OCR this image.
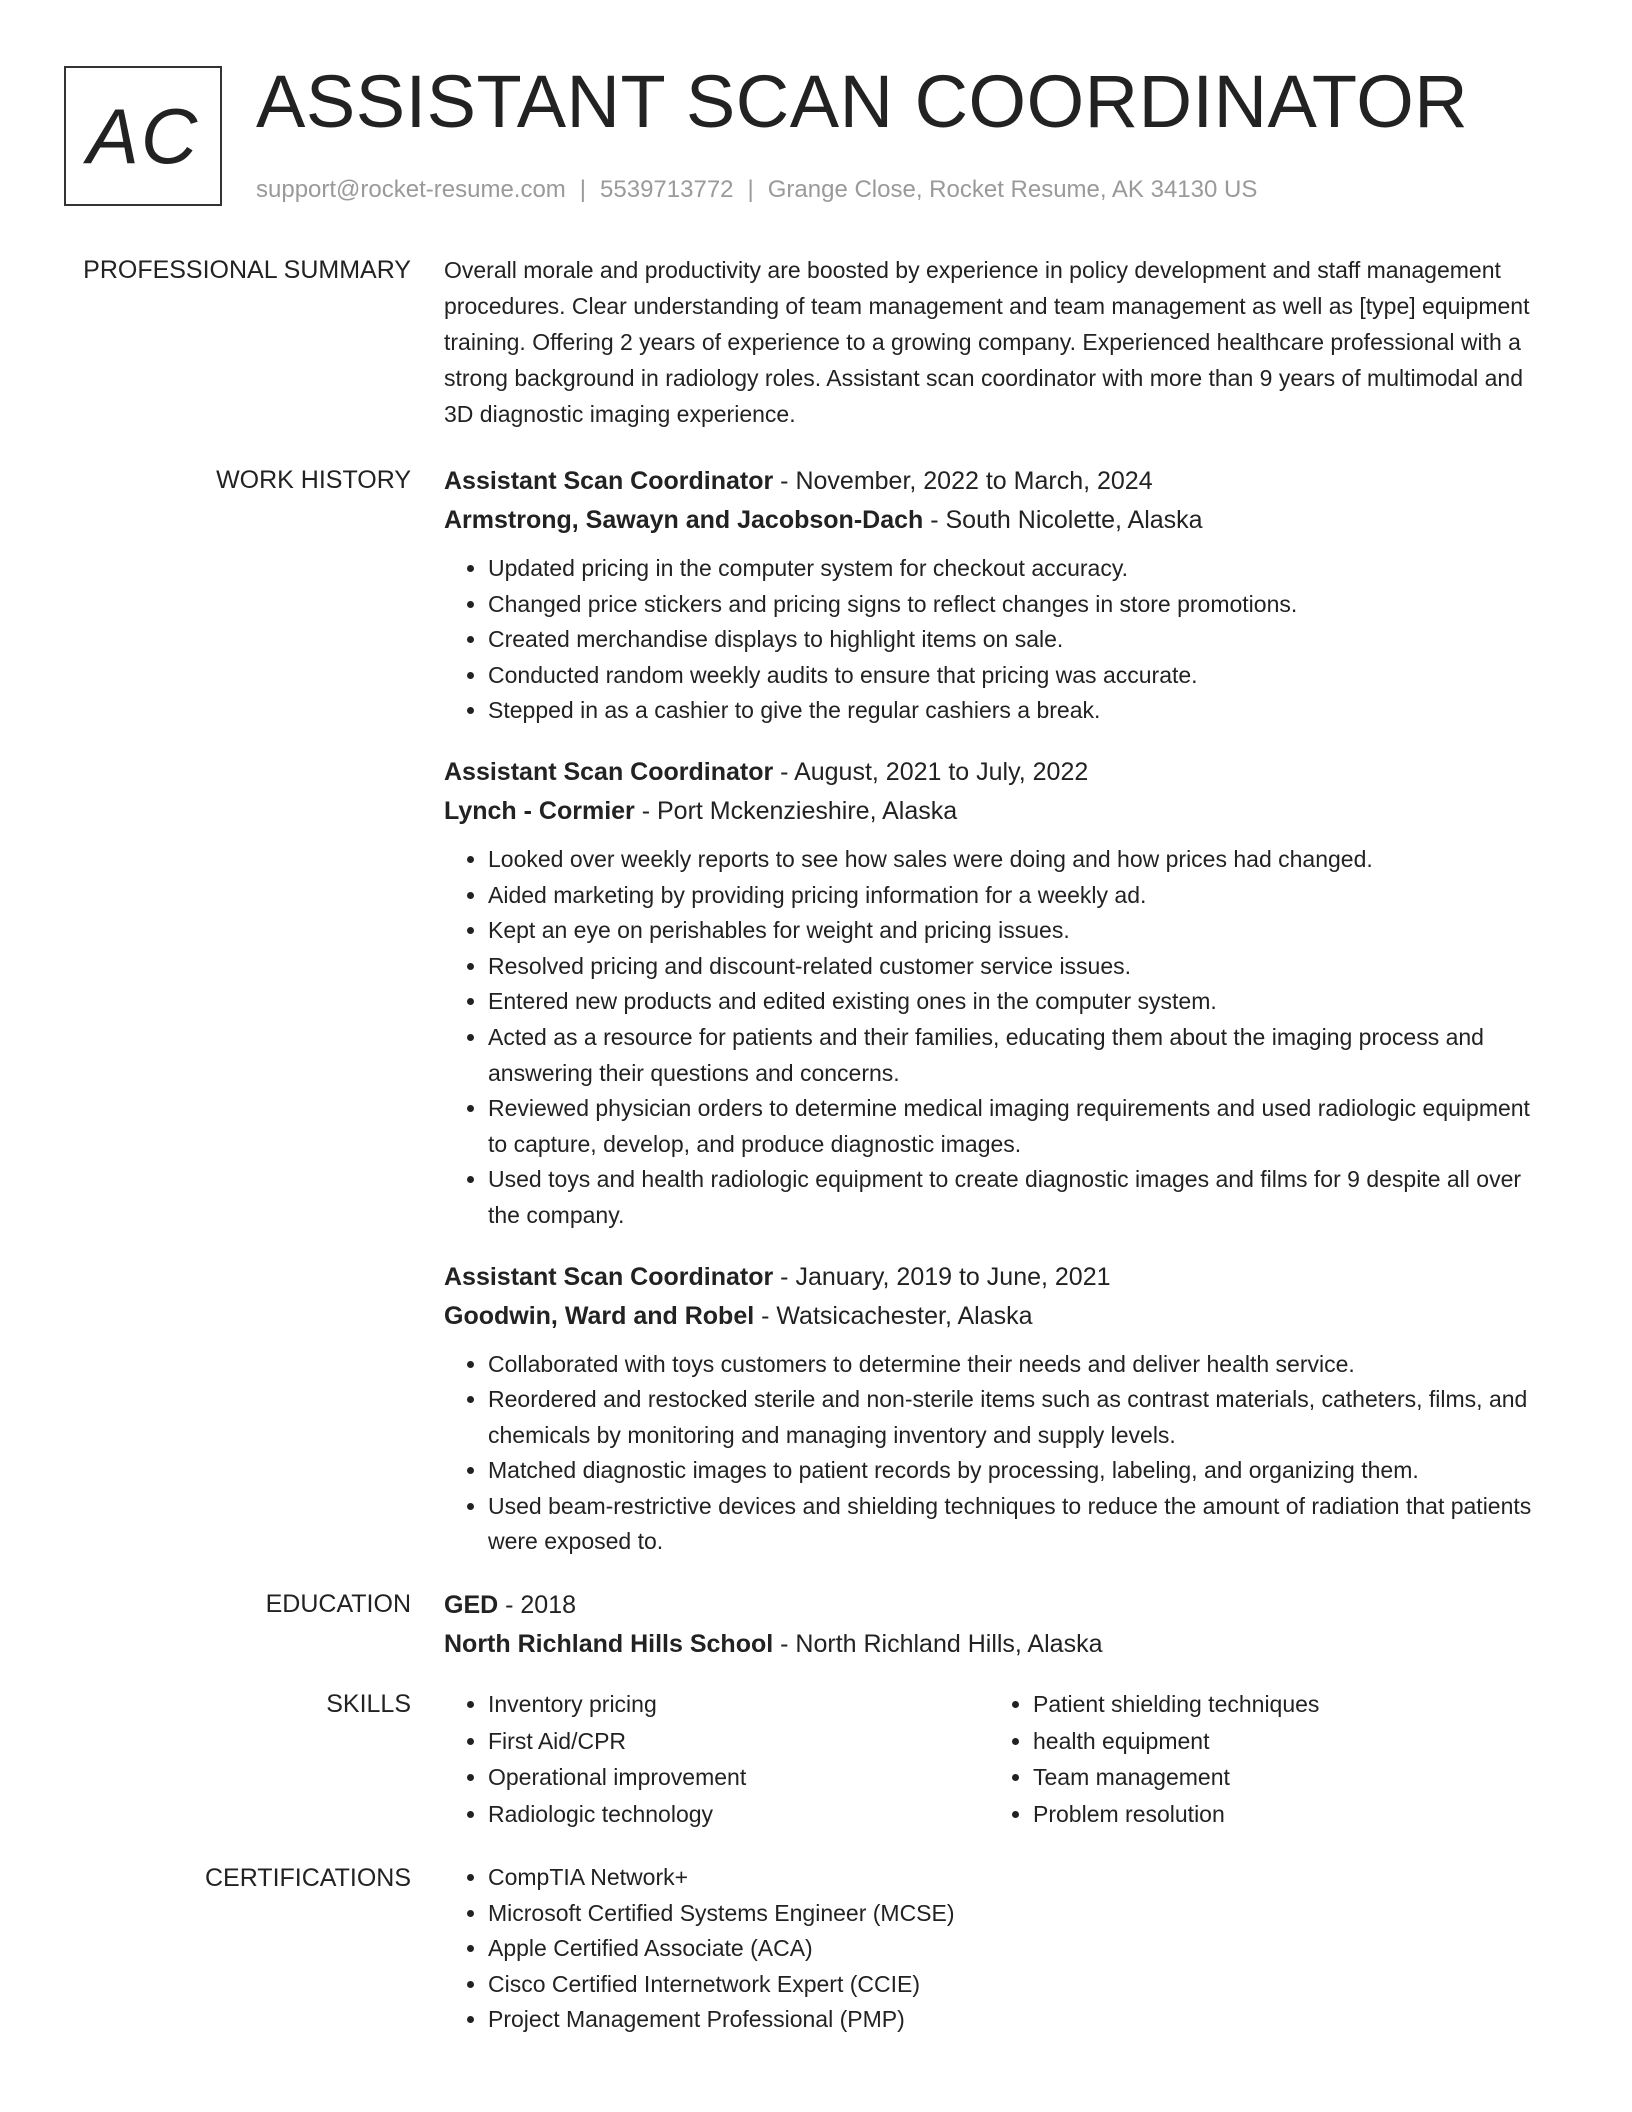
AC ASSISTANT SCAN COORDINATOR
support@rocket-resume.com | 5539713772 | Grange Close, Rocket Resume, AK 34130 US
PROFESSIONAL SUMMARY Overall morale and productivity are boosted by experience in policy development and staff management procedures. Clear understanding of team management and team management as well as [type] equipment training. Offering 2 years of experience to a growing company. Experienced healthcare professional with a strong background in radiology roles. Assistant scan coordinator with more than 9 years of multimodal and 3D diagnostic imaging experience.

WORK HISTORY Assistant Scan Coordinator - November, 2022 to March, 2024

Armstrong, Sawayn and Jacobson-Dach - South Nicolette, Alaska

• Updated pricing in the computer system for checkout accuracy.
• Changed price stickers and pricing signs to reflect changes in store promotions.
• Created merchandise displays to highlight items on sale.
• Conducted random weekly audits to ensure that pricing was accurate.
• Stepped in as a cashier to give the regular cashiers a break.

Assistant Scan Coordinator - August, 2021 to July, 2022

Lynch - Cormier - Port Mckenzieshire, Alaska

• Looked over weekly reports to see how sales were doing and how prices had changed.
• Aided marketing by providing pricing information for a weekly ad.
• Kept an eye on perishables for weight and pricing issues.
• Resolved pricing and discount-related customer service issues.
• Entered new products and edited existing ones in the computer system.
• Acted as a resource for patients and their families, educating them about the imaging process and answering their questions and concerns.
• Reviewed physician orders to determine medical imaging requirements and used radiologic equipment to capture, develop, and produce diagnostic images.
• Used toys and health radiologic equipment to create diagnostic images and films for 9 despite all over the company.

Assistant Scan Coordinator - January, 2019 to June, 2021

Goodwin, Ward and Robel - Watsicachester, Alaska

• Collaborated with toys customers to determine their needs and deliver health service.
• Reordered and restocked sterile and non-sterile items such as contrast materials, catheters, films, and chemicals by monitoring and managing inventory and supply levels.
• Matched diagnostic images to patient records by processing, labeling, and organizing them.
• Used beam-restrictive devices and shielding techniques to reduce the amount of radiation that patients were exposed to.
EDUCATION GED - 2018

North Richland Hills School - North Richland Hills, Alaska

SKILLS	• Inventory pricing
• First Aid/CPR
• Operational improvement
• Radiologic technology
• Patient shielding techniques
• health equipment
• Team management
• Problem resolution
CERTIFICATIONS	• CompTIA Network+
• Microsoft Certified Systems Engineer (MCSE)
• Apple Certified Associate (ACA)
• Cisco Certified Internetwork Expert (CCIE)
• Project Management Professional (PMP)
